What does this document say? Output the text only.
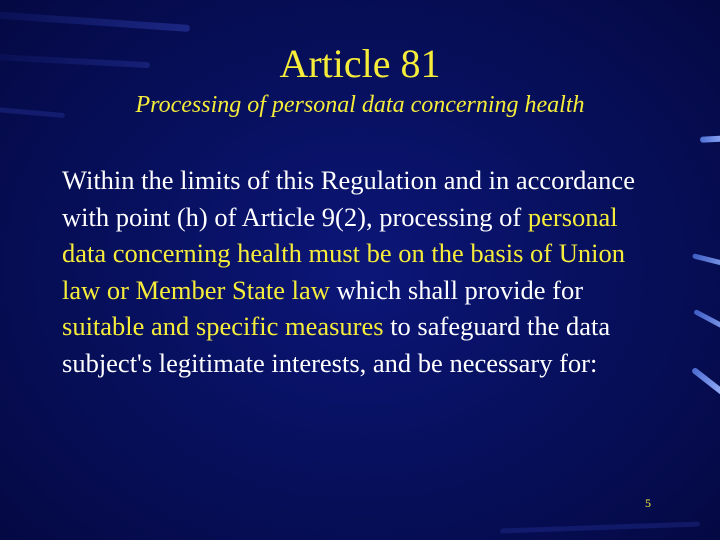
Article 81
Processing of personal data concerning health

Within the limits of this Regulation and in accordance with point (h) of Article 9(2), processing of personal data concerning health must be on the basis of Union law or Member State law which shall provide for suitable and specific measures to safeguard the data subject's legitimate interests, and be necessary for:

5
